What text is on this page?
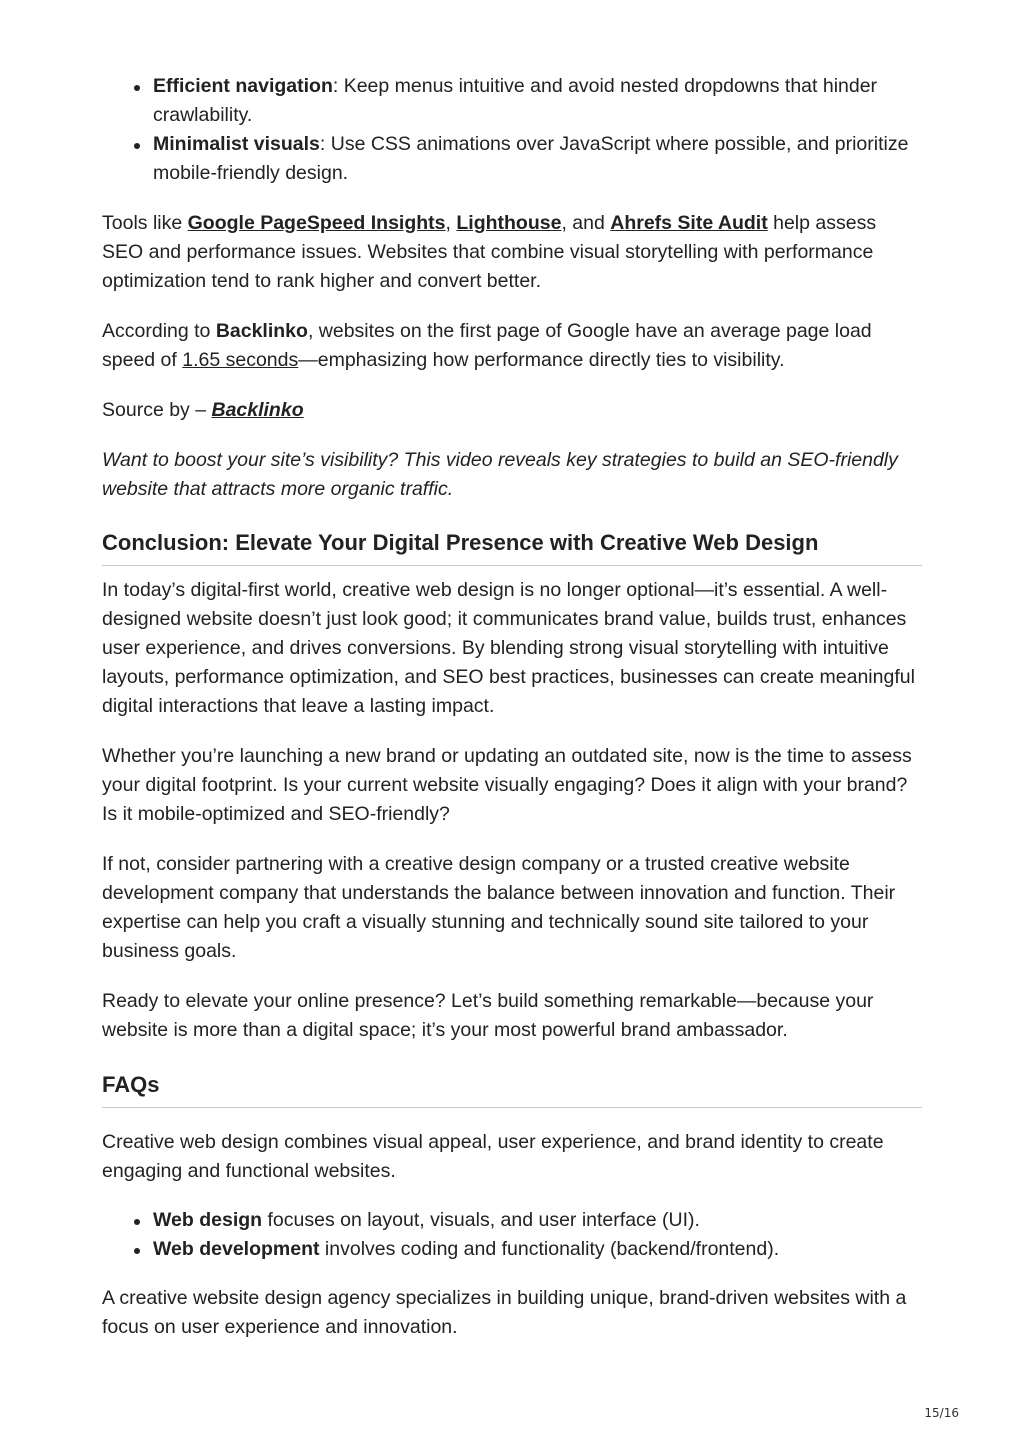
Efficient navigation: Keep menus intuitive and avoid nested dropdowns that hinder crawlability.
Minimalist visuals: Use CSS animations over JavaScript where possible, and prioritize mobile-friendly design.

Tools like Google PageSpeed Insights, Lighthouse, and Ahrefs Site Audit help assess SEO and performance issues. Websites that combine visual storytelling with performance optimization tend to rank higher and convert better.

According to Backlinko, websites on the first page of Google have an average page load speed of 1.65 seconds—emphasizing how performance directly ties to visibility.

Source by – Backlinko

Want to boost your site’s visibility? This video reveals key strategies to build an SEO-friendly website that attracts more organic traffic.

Conclusion: Elevate Your Digital Presence with Creative Web Design

In today’s digital-first world, creative web design is no longer optional—it’s essential. A well-designed website doesn’t just look good; it communicates brand value, builds trust, enhances user experience, and drives conversions. By blending strong visual storytelling with intuitive layouts, performance optimization, and SEO best practices, businesses can create meaningful digital interactions that leave a lasting impact.

Whether you’re launching a new brand or updating an outdated site, now is the time to assess your digital footprint. Is your current website visually engaging? Does it align with your brand? Is it mobile-optimized and SEO-friendly?

If not, consider partnering with a creative design company or a trusted creative website development company that understands the balance between innovation and function. Their expertise can help you craft a visually stunning and technically sound site tailored to your business goals.

Ready to elevate your online presence? Let’s build something remarkable—because your website is more than a digital space; it’s your most powerful brand ambassador.

FAQs

Creative web design combines visual appeal, user experience, and brand identity to create engaging and functional websites.

Web design focuses on layout, visuals, and user interface (UI).
Web development involves coding and functionality (backend/frontend).

A creative website design agency specializes in building unique, brand-driven websites with a focus on user experience and innovation.

15/16
